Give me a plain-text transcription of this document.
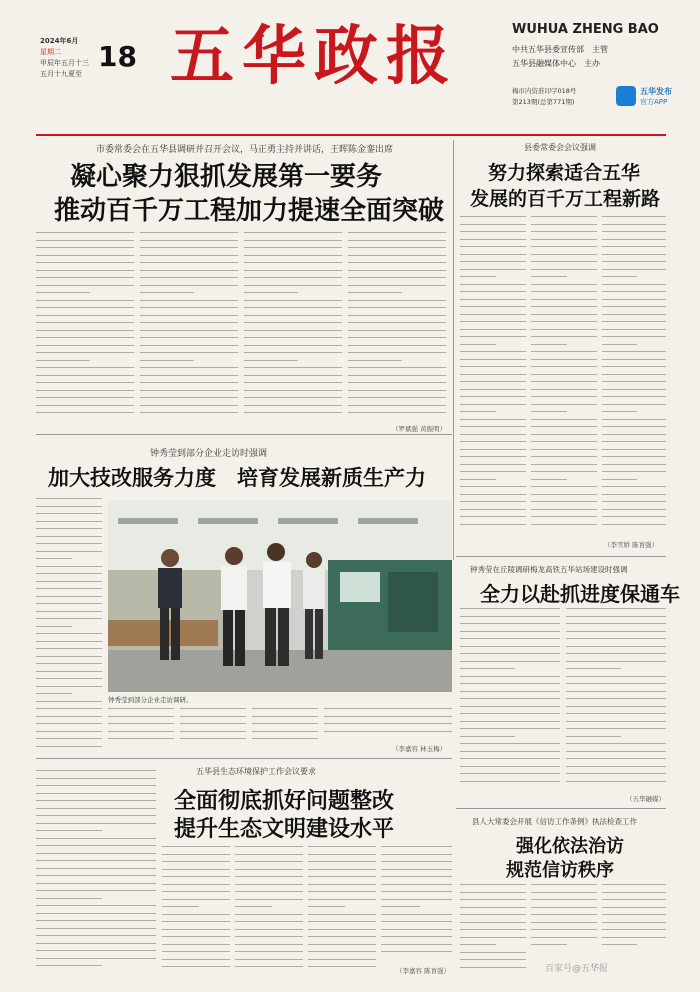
2024年6月
星期二
甲辰年五月十三
五月十九夏至
18 五华政报	WUHUA ZHENG BAO
中共五华县委宣传部　主管
五华县融媒体中心　主办
梅市内资准印字018号
第213期(总第771期)
五华发布
官方APP
市委常委会在五华县调研并召开会议，马正勇主持并讲话，王晖陈金銮出席
凝心聚力狠抓发展第一要务
推动百千万工程加力提速全面突破
（罗斌强 黄振明）
县委常委会会议强调
努力探索适合五华
发展的百千万工程新路
（李雪娇 陈育强）
钟秀莹到部分企业走访时强调
加大技改服务力度　培育发展新质生产力
钟秀莹到部分企业走访调研。
（李嘉容 林玉梅）
钟秀莹在丘陵调研梅龙高铁五华站场建设时强调
全力以赴抓进度保通车
（五华融媒）
五华县生态环境保护工作会议要求
全面彻底抓好问题整改
提升生态文明建设水平
（李嘉容 陈育强）
县人大常委会开展《信访工作条例》执法检查工作
强化依法治访
规范信访秩序
百家号@五华报
